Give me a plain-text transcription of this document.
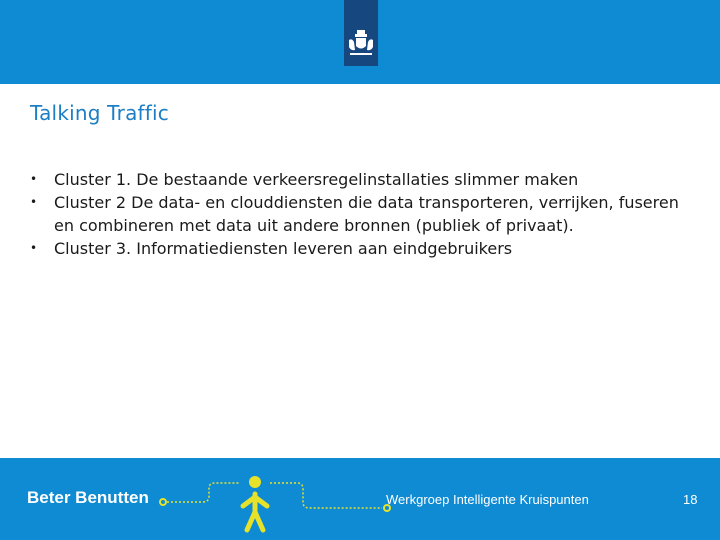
Talking Traffic
• Cluster 1. De bestaande verkeersregelinstallaties slimmer maken
• Cluster 2 De data- en clouddiensten die data transporteren, verrijken, fuseren en combineren met data uit andere bronnen (publiek of privaat).
• Cluster 3. Informatiediensten leveren aan eindgebruikers
Beter Benutten	Werkgroep Intelligente Kruispunten	18
